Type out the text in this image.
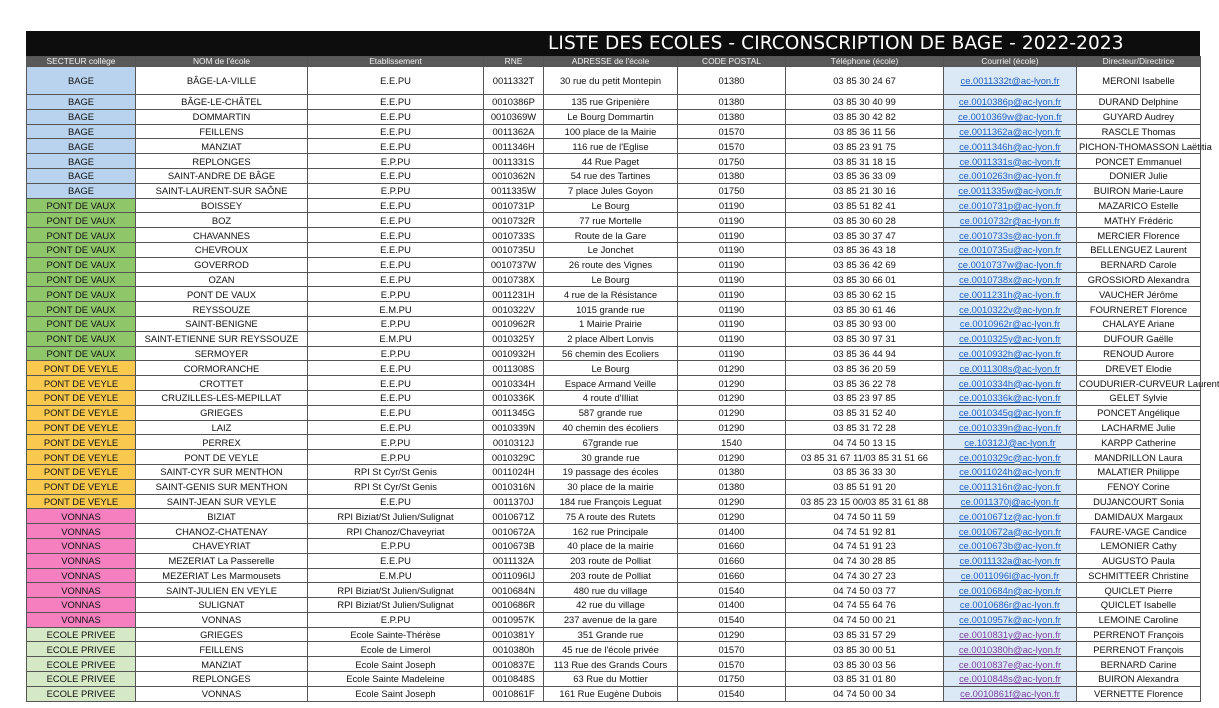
LISTE DES ECOLES - CIRCONSCRIPTION DE BAGE - 2022-2023
SECTEUR collège	NOM de l'école	Etablissement	RNE	ADRESSE de l'école	CODE POSTAL	Téléphone (école)	Courriel (école)	Directeur/Directrice
BAGE	BÂGE-LA-VILLE	E.E.PU	0011332T	30 rue du petit Montepin	01380	03 85 30 24 67	ce.0011332t@ac-lyon.fr	MERONI Isabelle
BAGE	BÂGE-LE-CHÂTEL	E.E.PU	0010386P	135 rue Gripenière	01380	03 85 30 40 99	ce.0010386p@ac-lyon.fr	DURAND Delphine
BAGE	DOMMARTIN	E.E.PU	0010369W	Le Bourg Dommartin	01380	03 85 30 42 82	ce.0010369w@ac-lyon.fr	GUYARD Audrey
BAGE	FEILLENS	E.E.PU	0011362A	100 place de la Mairie	01570	03 85 36 11 56	ce.0011362a@ac-lyon.fr	RASCLE Thomas
BAGE	MANZIAT	E.E.PU	0011346H	116 rue de l'Eglise	01570	03 85 23 91 75	ce.0011346h@ac-lyon.fr	PICHON-THOMASSON Laëtitia
BAGE	REPLONGES	E.P.PU	0011331S	44 Rue Paget	01750	03 85 31 18 15	ce.0011331s@ac-lyon.fr	PONCET Emmanuel
BAGE	SAINT-ANDRE DE BÂGE	E.E.PU	0010362N	54 rue des Tartines	01380	03 85 36 33 09	ce.0010263n@ac-lyon.fr	DONIER Julie
BAGE	SAINT-LAURENT-SUR SAÔNE	E.P.PU	0011335W	7 place Jules Goyon	01750	03 85 21 30 16	ce.0011335w@ac-lyon.fr	BUIRON Marie-Laure
PONT DE VAUX	BOISSEY	E.E.PU	0010731P	Le Bourg	01190	03 85 51 82 41	ce.0010731p@ac-lyon.fr	MAZARICO Estelle
PONT DE VAUX	BOZ	E.E.PU	0010732R	77 rue Mortelle	01190	03 85 30 60 28	ce.0010732r@ac-lyon.fr	MATHY Frédéric
PONT DE VAUX	CHAVANNES	E.E.PU	0010733S	Route de la Gare	01190	03 85 30 37 47	ce.0010733s@ac-lyon.fr	MERCIER Florence
PONT DE VAUX	CHEVROUX	E.E.PU	0010735U	Le Jonchet	01190	03 85 36 43 18	ce.0010735u@ac-lyon.fr	BELLENGUEZ Laurent
PONT DE VAUX	GOVERROD	E.E.PU	0010737W	26 route des Vignes	01190	03 85 36 42 69	ce.0010737w@ac-lyon.fr	BERNARD Carole
PONT DE VAUX	OZAN	E.E.PU	0010738X	Le Bourg	01190	03 85 30 66 01	ce.0010738x@ac-lyon.fr	GROSSIORD Alexandra
PONT DE VAUX	PONT DE VAUX	E.P.PU	0011231H	4 rue de la Résistance	01190	03 85 30 62 15	ce.0011231h@ac-lyon.fr	VAUCHER Jérôme
PONT DE VAUX	REYSSOUZE	E.M.PU	0010322V	1015 grande rue	01190	03 85 30 61 46	ce.0010322v@ac-lyon.fr	FOURNERET Florence
PONT DE VAUX	SAINT-BENIGNE	E.P.PU	0010962R	1 Mairie Prairie	01190	03 85 30 93 00	ce.0010962r@ac-lyon.fr	CHALAYE Ariane
PONT DE VAUX	SAINT-ETIENNE SUR REYSSOUZE	E.M.PU	0010325Y	2 place Albert Lonvis	01190	03 85 30 97 31	ce.0010325y@ac-lyon.fr	DUFOUR Gaëlle
PONT DE VAUX	SERMOYER	E.P.PU	0010932H	56 chemin des Ecoliers	01190	03 85 36 44 94	ce.0010932h@ac-lyon.fr	RENOUD Aurore
PONT DE VEYLE	CORMORANCHE	E.E.PU	0011308S	Le Bourg	01290	03 85 36 20 59	ce.0011308s@ac-lyon.fr	DREVET Elodie
PONT DE VEYLE	CROTTET	E.E.PU	0010334H	Espace Armand Veille	01290	03 85 36 22 78	ce.0010334h@ac-lyon.fr	COUDURIER-CURVEUR Laurent
PONT DE VEYLE	CRUZILLES-LES-MEPILLAT	E.E.PU	0010336K	4 route d'Illiat	01290	03 85 23 97 85	ce.0010336k@ac-lyon.fr	GELET Sylvie
PONT DE VEYLE	GRIEGES	E.E.PU	0011345G	587 grande rue	01290	03 85 31 52 40	ce.0010345g@ac-lyon.fr	PONCET Angélique
PONT DE VEYLE	LAIZ	E.E.PU	0010339N	40 chemin des écoliers	01290	03 85 31 72 28	ce.0010339n@ac-lyon.fr	LACHARME Julie
PONT DE VEYLE	PERREX	E.P.PU	0010312J	67grande rue	1540	04 74 50 13 15	ce.10312J@ac-lyon.fr	KARPP Catherine
PONT DE VEYLE	PONT DE VEYLE	E.P.PU	0010329C	30 grande rue	01290	03 85 31 67 11/03 85 31 51 66	ce.0010329c@ac-lyon.fr	MANDRILLON Laura
PONT DE VEYLE	SAINT-CYR SUR MENTHON	RPI St Cyr/St Genis	0011024H	19 passage des écoles	01380	03 85 36 33 30	ce.0011024h@ac-lyon.fr	MALATIER Philippe
PONT DE VEYLE	SAINT-GENIS SUR MENTHON	RPI St Cyr/St Genis	0010316N	30 place de la mairie	01380	03 85 51 91 20	ce.0011316n@ac-lyon.fr	FENOY Corine
PONT DE VEYLE	SAINT-JEAN SUR VEYLE	E.E.PU	0011370J	184 rue François Leguat	01290	03 85 23 15 00/03 85 31 61 88	ce.0011370j@ac-lyon.fr	DUJANCOURT Sonia
VONNAS	BIZIAT	RPI Biziat/St Julien/Sulignat	0010671Z	75 A route des Rutets	01290	04 74 50 11 59	ce.0010671z@ac-lyon.fr	DAMIDAUX Margaux
VONNAS	CHANOZ-CHATENAY	RPI Chanoz/Chaveyriat	0010672A	162 rue Principale	01400	04 74 51 92 81	ce.0010672a@ac-lyon.fr	FAURE-VAGE Candice
VONNAS	CHAVEYRIAT	E.P.PU	0010673B	40 place de la mairie	01660	04 74 51 91 23	ce.0010673b@ac-lyon.fr	LEMONIER Cathy
VONNAS	MEZERIAT La Passerelle	E.E.PU	0011132A	203 route de Polliat	01660	04 74 30 28 85	ce.0011132a@ac-lyon.fr	AUGUSTO Paula
VONNAS	MEZERIAT Les Marmousets	E.M.PU	0011096IJ	203 route de Polliat	01660	04 74 30 27 23	ce.0011096l@ac-lyon.fr	SCHMITTEER Christine
VONNAS	SAINT-JULIEN EN VEYLE	RPI Biziat/St Julien/Sulignat	0010684N	480 rue du village	01540	04 74 50 03 77	ce.0010684n@ac-lyon.fr	QUICLET Pierre
VONNAS	SULIGNAT	RPI Biziat/St Julien/Sulignat	0010686R	42 rue du village	01400	04 74 55 64 76	ce.0010686r@ac-lyon.fr	QUICLET Isabelle
VONNAS	VONNAS	E.P.PU	0010957K	237 avenue de la gare	01540	04 74 50 00 21	ce.0010957k@ac-lyon.fr	LEMOINE Caroline
ECOLE PRIVEE	GRIEGES	Ecole Sainte-Thérèse	0010381Y	351 Grande rue	01290	03 85 31 57 29	ce.0010831y@ac-lyon.fr	PERRENOT François
ECOLE PRIVEE	FEILLENS	Ecole de Limerol	0010380h	45 rue de l'école privée	01570	03 85 30 00 51	ce.0010380h@ac-lyon.fr	PERRENOT François
ECOLE PRIVEE	MANZIAT	Ecole Saint Joseph	0010837E	113 Rue des Grands Cours	01570	03 85 30 03 56	ce.0010837e@ac-lyon.fr	BERNARD Carine
ECOLE PRIVEE	REPLONGES	Ecole Sainte Madeleine	0010848S	63 Rue du Mottier	01750	03 85 31 01 80	ce.0010848s@ac-lyon.fr	BUIRON Alexandra
ECOLE PRIVEE	VONNAS	Ecole Saint Joseph	0010861F	161 Rue Eugène Dubois	01540	04 74 50 00 34	ce.0010861f@ac-lyon.fr	VERNETTE Florence
